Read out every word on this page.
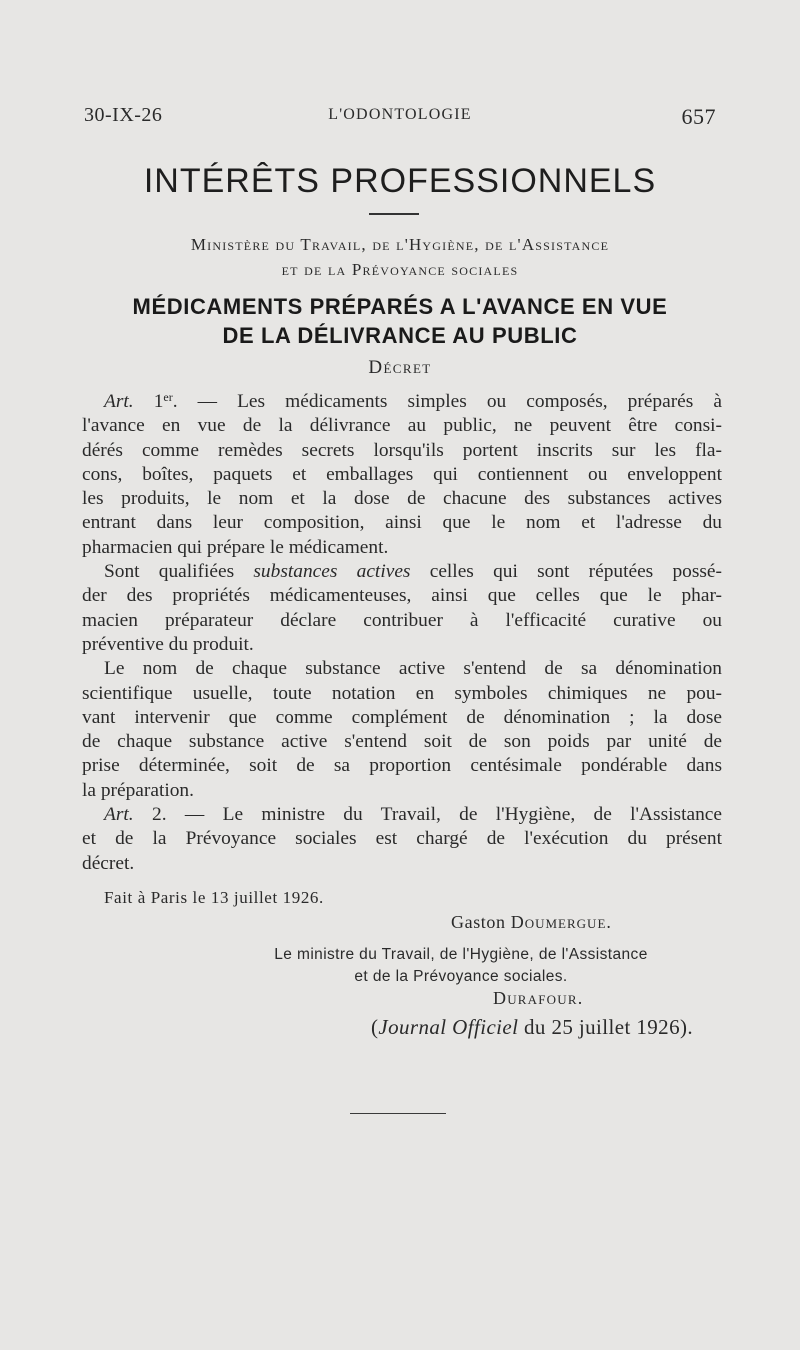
30-IX-26	L'ODONTOLOGIE	657
INTÉRÊTS PROFESSIONNELS
Ministère du Travail, de l'Hygiène, de l'Assistance
et de la Prévoyance sociales
MÉDICAMENTS PRÉPARÉS A L'AVANCE EN VUE
DE LA DÉLIVRANCE AU PUBLIC
Décret
Art. 1er. — Les médicaments simples ou composés, préparés à
l'avance en vue de la délivrance au public, ne peuvent être consi-
dérés comme remèdes secrets lorsqu'ils portent inscrits sur les fla-
cons, boîtes, paquets et emballages qui contiennent ou enveloppent
les produits, le nom et la dose de chacune des substances actives
entrant dans leur composition, ainsi que le nom et l'adresse du
pharmacien qui prépare le médicament.
Sont qualifiées substances actives celles qui sont réputées possé-
der des propriétés médicamenteuses, ainsi que celles que le phar-
macien préparateur déclare contribuer à l'efficacité curative ou
préventive du produit.
Le nom de chaque substance active s'entend de sa dénomination
scientifique usuelle, toute notation en symboles chimiques ne pou-
vant intervenir que comme complément de dénomination ; la dose
de chaque substance active s'entend soit de son poids par unité de
prise déterminée, soit de sa proportion centésimale pondérable dans
la préparation.
Art. 2. — Le ministre du Travail, de l'Hygiène, de l'Assistance
et de la Prévoyance sociales est chargé de l'exécution du présent
décret.
Fait à Paris le 13 juillet 1926.
Gaston Doumergue.
Le ministre du Travail, de l'Hygiène, de l'Assistance
et de la Prévoyance sociales.
Durafour.
(Journal Officiel du 25 juillet 1926).
